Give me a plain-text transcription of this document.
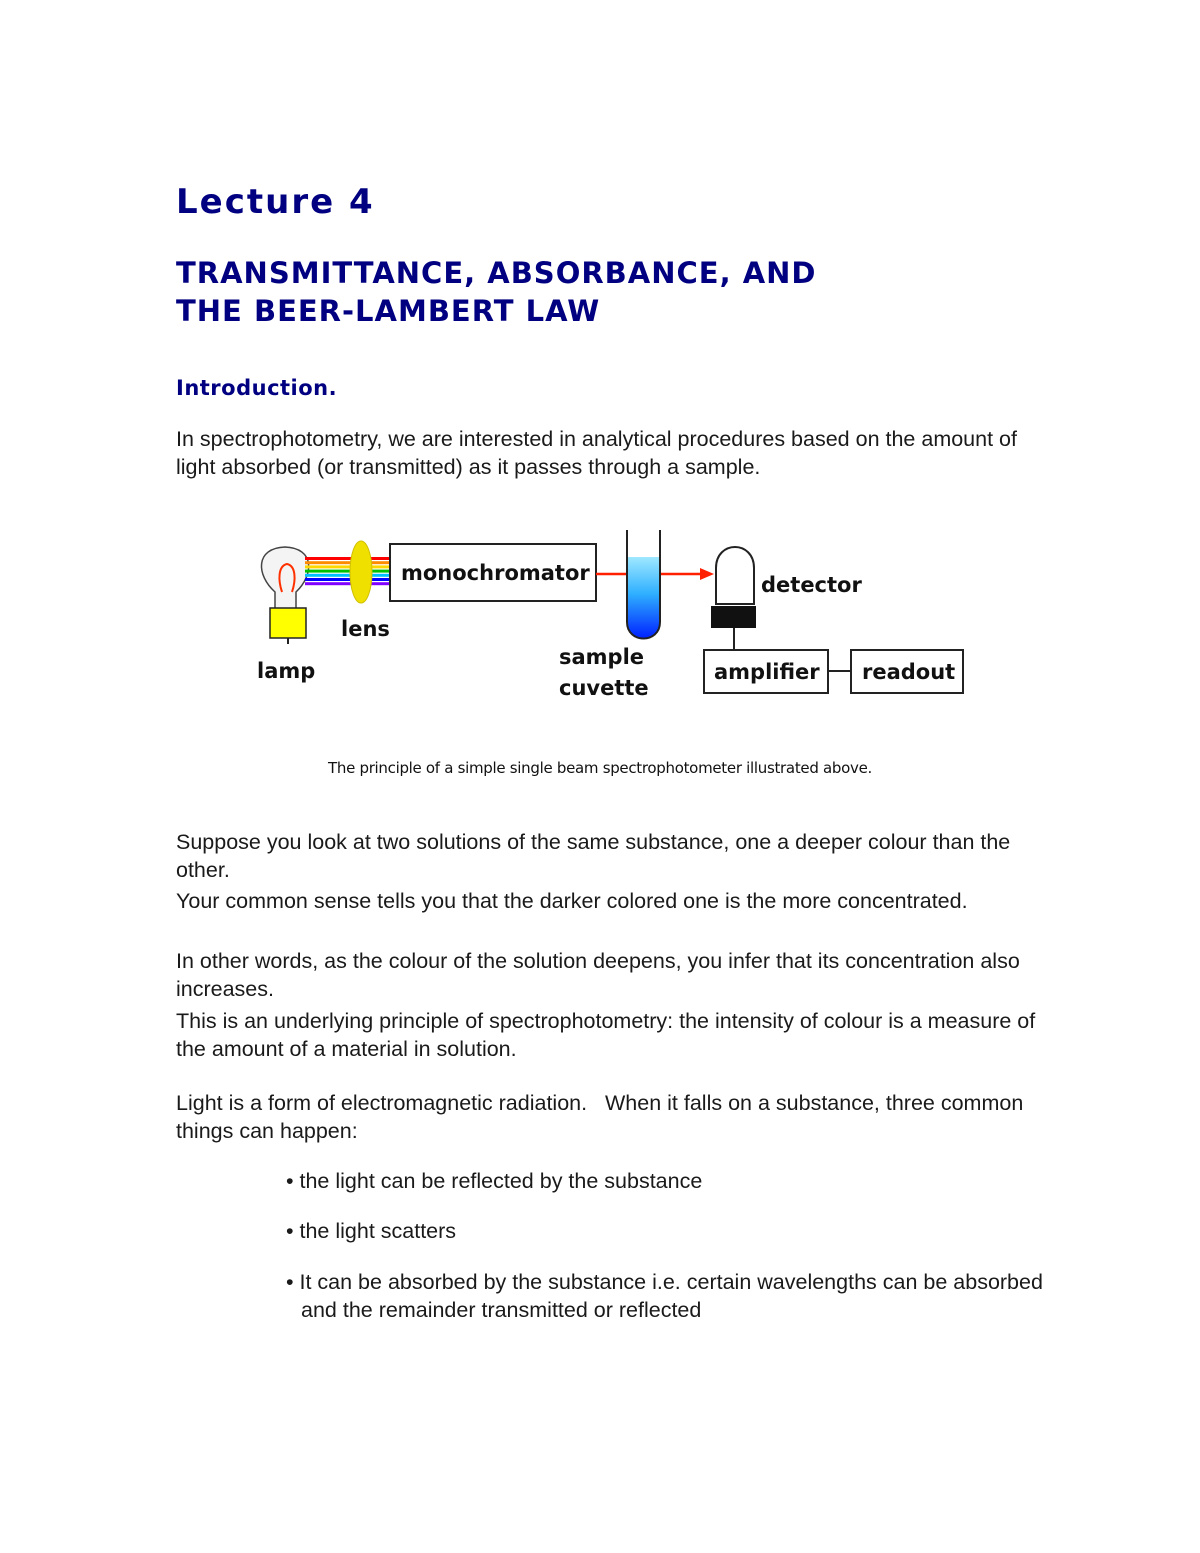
Lecture 4
TRANSMITTANCE, ABSORBANCE, AND
THE BEER-LAMBERT LAW
Introduction.
In spectrophotometry, we are interested in analytical procedures based on the amount of light absorbed (or transmitted) as it passes through a sample.
monochromator	detector
amplifier readout
lens
lamp
sample
cuvette
The principle of a simple single beam spectrophotometer illustrated above.
Suppose you look at two solutions of the same substance, one a deeper colour than the other.
Your common sense tells you that the darker colored one is the more concentrated.
In other words, as the colour of the solution deepens, you infer that its concentration also increases.
This is an underlying principle of spectrophotometry: the intensity of colour is a measure of the amount of a material in solution.
Light is a form of electromagnetic radiation.   When it falls on a substance, three common things can happen:
• the light can be reflected by the substance
• the light scatters
• It can be absorbed by the substance i.e. certain wavelengths can be absorbed and the remainder transmitted or reflected
